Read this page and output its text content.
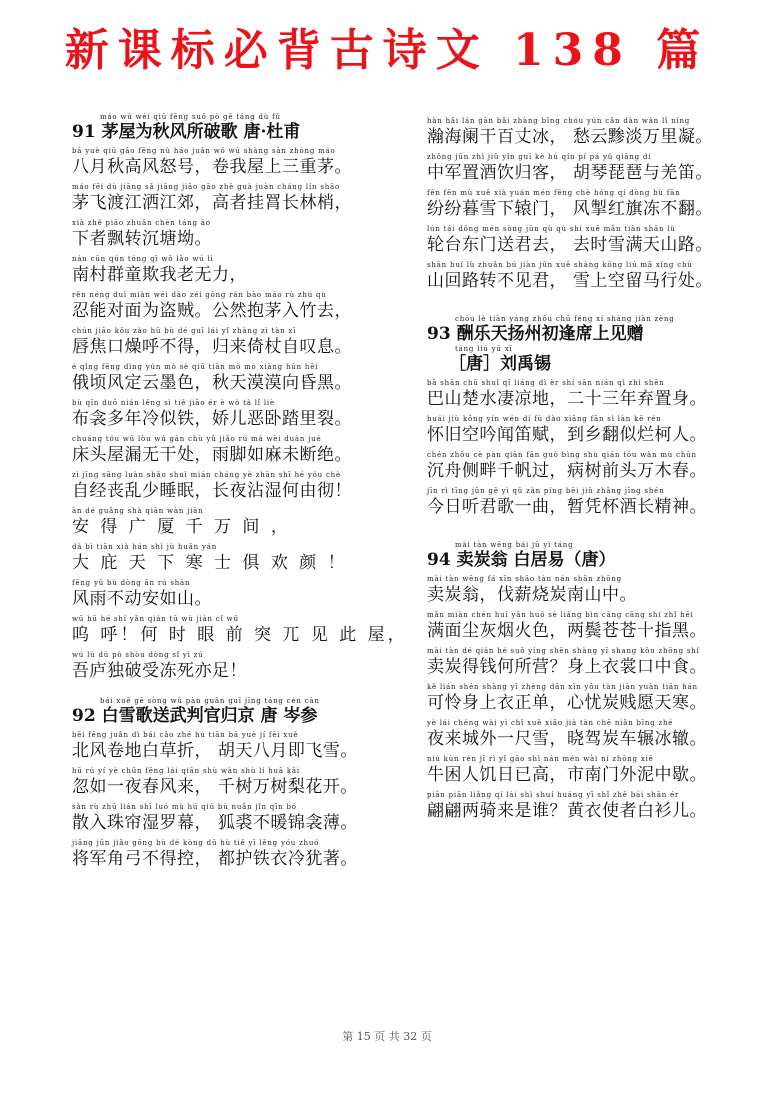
新课标必背古诗文 138 篇
máo wū wéi qiū fēng suǒ pò gē táng dù fǔ
91 茅屋为秋风所破歌 唐·杜甫
bā yuè qiū gāo fēng nù háo juǎn wǒ wū shàng sān zhòng máo
八月秋高风怒号，卷我屋上三重茅。
máo fēi dù jiāng sǎ jiāng jiāo gāo zhě guà juàn cháng lín shāo
茅飞渡江洒江郊，高者挂罥长林梢，
xià zhě piāo zhuǎn chén táng ào
下者飘转沉塘坳。
nán cūn qún tóng qī wǒ lǎo wú lì
南村群童欺我老无力，
rěn néng duì miàn wéi dào zéi gōng rán bào máo rù zhú qù
忍能对面为盗贼。公然抱茅入竹去，
chún jiāo kǒu zào hū bù dé guī lái yǐ zhàng zì tàn xī
唇焦口燥呼不得，归来倚杖自叹息。
é qǐng fēng dìng yún mò sè qiū tiān mò mò xiàng hūn hēi
俄顷风定云墨色，秋天漠漠向昏黑。
bù qīn duō nián lěng sì tiě jiāo ér è wò tà lǐ liè
布衾多年冷似铁，娇儿恶卧踏里裂。
chuáng tóu wū lòu wú gān chù yǔ jiǎo rú má wèi duàn jué
床头屋漏无干处，雨脚如麻未断绝。
zì jīng sāng luàn shǎo shuì mián cháng yè zhān shī hé yóu chè
自经丧乱少睡眠，长夜沾湿何由彻！
ān dé guǎng shà qiān wàn jiān
安 得 广 厦 千 万 间 ，
dà bì tiān xià hán shì jù huān yán
大 庇 天 下 寒 士 俱 欢 颜 ！
fēng yǔ bù dòng ān rú shān
风雨不动安如山。
wū hū hé shí yǎn qián tū wù jiàn cǐ wū
呜 呼！何 时 眼 前 突 兀 见 此 屋，
wú lú dú pò shòu dòng sǐ yì zú
吾庐独破受冻死亦足！
bái xuě gē sòng wǔ pàn guān guī jīng táng cén cān
92 白雪歌送武判官归京 唐 岑参
běi fēng juǎn dì bái cǎo zhé hú tiān bā yuè jí fēi xuě
北风卷地白草折， 胡天八月即飞雪。
hū rú yí yè chūn fēng lái qiān shù wàn shù lí huā kāi
忽如一夜春风来， 千树万树梨花开。
sàn rù zhū lián shī luó mù hú qiú bù nuǎn jǐn qīn bó
散入珠帘湿罗幕， 狐裘不暖锦衾薄。
jiāng jūn jiǎo gōng bù dé kòng dū hù tiě yī lěng yóu zhuó
将军角弓不得控， 都护铁衣冷犹著。
hàn hǎi lán gān bǎi zhàng bīng chóu yún cǎn dàn wàn lǐ níng
瀚海阑干百丈冰， 愁云黪淡万里凝。
zhōng jūn zhì jiǔ yǐn guī kè hú qín pí pá yǔ qiāng dí
中军置酒饮归客， 胡琴琵琶与羌笛。
fēn fēn mù xuě xià yuán mén fēng chè hóng qí dòng bù fān
纷纷暮雪下辕门， 风掣红旗冻不翻。
lún tái dōng mén sòng jūn qù qù shí xuě mǎn tiān shān lù
轮台东门送君去， 去时雪满天山路。
shān huí lù zhuǎn bú jiàn jūn xuě shàng kōng liú mǎ xíng chù
山回路转不见君， 雪上空留马行处。
chóu lè tiān yáng zhōu chū féng xí shàng jiàn zèng
93 酬乐天扬州初逢席上见赠
táng liú yǔ xī
［唐］刘禹锡
bā shān chǔ shuǐ qī liáng dì èr shí sān nián qì zhì shēn
巴山楚水凄凉地，二十三年弃置身。
huái jiù kōng yín wén dí fù dào xiāng fān sì làn kē rén
怀旧空吟闻笛赋，到乡翻似烂柯人。
chén zhōu cè pàn qiān fān guò bìng shù qián tóu wàn mù chūn
沉舟侧畔千帆过，病树前头万木春。
jīn rì tīng jūn gē yì qǔ zàn píng bēi jiǔ zhǎng jīng shén
今日听君歌一曲，暂凭杯酒长精神。
mài tàn wēng bái jū yì táng
94 卖炭翁 白居易（唐）
mài tàn wēng fá xīn shāo tàn nán shān zhōng
卖炭翁，伐薪烧炭南山中。
mǎn miàn chén huī yān huǒ sè liǎng bìn cāng cāng shí zhǐ hēi
满面尘灰烟火色，两鬓苍苍十指黑。
mài tàn dé qián hé suǒ yíng shēn shàng yī shang kǒu zhōng shí
卖炭得钱何所营？身上衣裳口中食。
kě lián shēn shàng yī zhèng dān xīn yōu tàn jiàn yuàn tiān hán
可怜身上衣正单，心忧炭贱愿天寒。
yè lái chéng wài yì chǐ xuě xiǎo jià tàn chē niǎn bīng zhé
夜来城外一尺雪，晓驾炭车辗冰辙。
niú kùn rén jī rì yǐ gāo shì nán mén wài ní zhōng xiē
牛困人饥日已高，市南门外泥中歇。
piān piān liǎng qí lái shì shuí huáng yī shǐ zhě bái shān ér
翩翩两骑来是谁？黄衣使者白衫儿。
第 15 页 共 32 页
